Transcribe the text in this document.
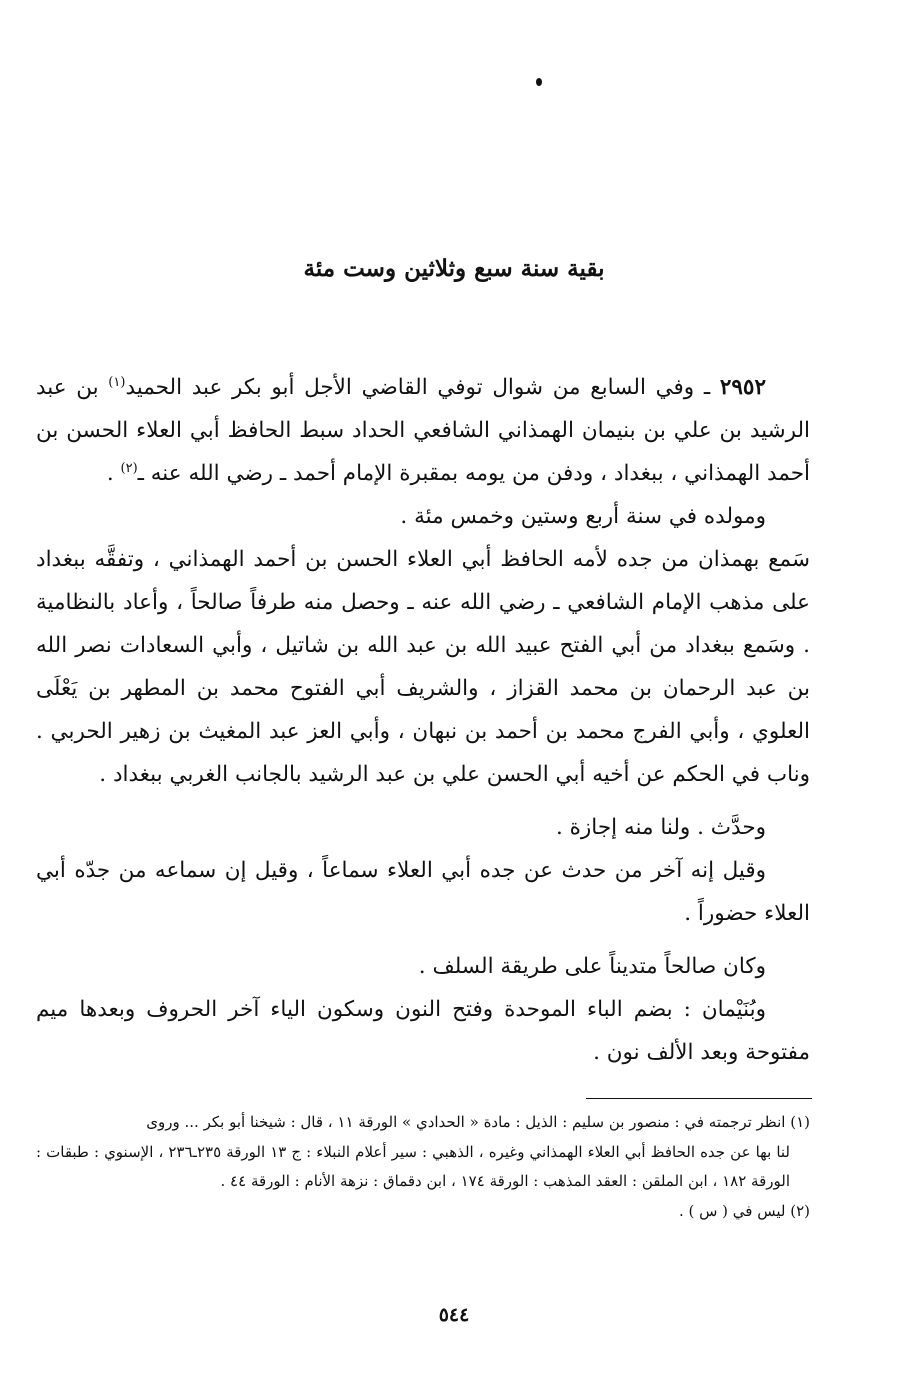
بقية سنة سبع وثلاثين وست مئة

٢٩٥٢ ـ وفي السابع من شوال توفي القاضي الأجل أبو بكر عبد الحميد$^{(١)}$ بن عبد الرشيد بن علي بن بنيمان الهمذاني الشافعي الحداد سبط الحافظ أبي العلاء الحسن بن أحمد الهمذاني ، ببغداد ، ودفن من يومه بمقبرة الإمام أحمد ـ رضي الله عنه ـ$^{(٢)}$ .

ومولده في سنة أربع وستين وخمس مئة .

سَمع بهمذان من جده لأمه الحافظ أبي العلاء الحسن بن أحمد الهمذاني ، وتفقَّه ببغداد على مذهب الإمام الشافعي ـ رضي الله عنه ـ وحصل منه طرفاً صالحاً ، وأعاد بالنظامية . وسَمع ببغداد من أبي الفتح عبيد الله بن عبد الله بن شاتيل ، وأبي السعادات نصر الله بن عبد الرحمان بن محمد القزاز ، والشريف أبي الفتوح محمد بن المطهر بن يَعْلَى العلوي ، وأبي الفرج محمد بن أحمد بن نبهان ، وأبي العز عبد المغيث بن زهير الحربي . وناب في الحكم عن أخيه أبي الحسن علي بن عبد الرشيد بالجانب الغربي ببغداد .

وحدَّث . ولنا منه إجازة .

وقيل إنه آخر من حدث عن جده أبي العلاء سماعاً ، وقيل إن سماعه من جدّه أبي العلاء حضوراً .

وكان صالحاً متديناً على طريقة السلف .

وبُنَيْمان : بضم الباء الموحدة وفتح النون وسكون الياء آخر الحروف وبعدها ميم مفتوحة وبعد الألف نون .

(١) انظر ترجمته في : منصور بن سليم : الذيل : مادة « الحدادي » الورقة ١١ ، قال : شيخنا أبو بكر ... وروى

لنا بها عن جده الحافظ أبي العلاء الهمذاني وغيره ، الذهبي : سير أعلام النبلاء : ج ١٣ الورقة ٢٣٥ـ٢٣٦ ، الإسنوي : طبقات : الورقة ١٨٢ ، ابن الملقن : العقد المذهب : الورقة ١٧٤ ، ابن دقماق : نزهة الأنام : الورقة ٤٤ .

(٢) ليس في ( س ) .

٥٤٤
